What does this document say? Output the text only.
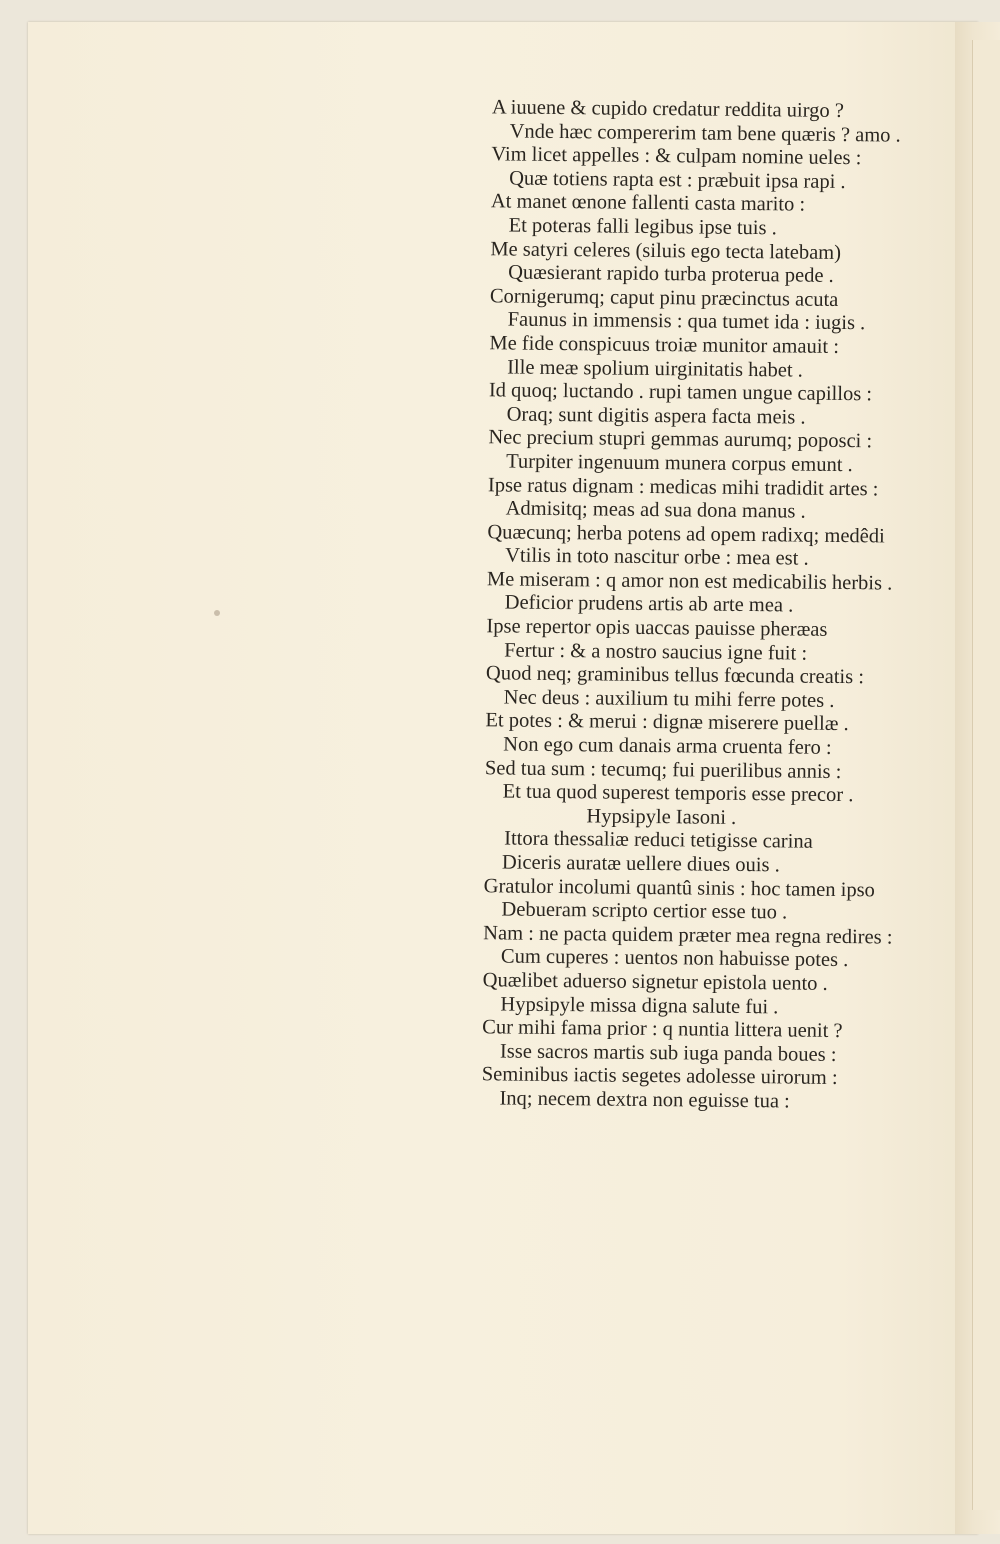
A iuuene & cupido credatur reddita uirgo ?

Vnde hæc compererim tam bene quæris ? amo .

Vim licet appelles : & culpam nomine ueles :

Quæ totiens rapta est : præbuit ipsa rapi .

At manet œnone fallenti casta marito :

Et poteras falli legibus ipse tuis .

Me satyri celeres (siluis ego tecta latebam)

Quæsierant rapido turba proterua pede .

Cornigerumq; caput pinu præcinctus acuta

Faunus in immensis : qua tumet ida : iugis .

Me fide conspicuus troiæ munitor amauit :

Ille meæ spolium uirginitatis habet .

Id quoq; luctando . rupi tamen ungue capillos :

Oraq; sunt digitis aspera facta meis .

Nec precium stupri gemmas aurumq; poposci :

Turpiter ingenuum munera corpus emunt .

Ipse ratus dignam : medicas mihi tradidit artes :

Admisitq; meas ad sua dona manus .

Quæcunq; herba potens ad opem radixq; medêdi

Vtilis in toto nascitur orbe : mea est .

Me miseram : q amor non est medicabilis herbis .

Deficior prudens artis ab arte mea .

Ipse repertor opis uaccas pauisse pheræas

Fertur : & a nostro saucius igne fuit :

Quod neq; graminibus tellus fœcunda creatis :

Nec deus : auxilium tu mihi ferre potes .

Et potes : & merui : dignæ miserere puellæ .

Non ego cum danais arma cruenta fero :

Sed tua sum : tecumq; fui puerilibus annis :

Et tua quod superest temporis esse precor .

Hypsipyle Iasoni .

Ittora thessaliæ reduci tetigisse carina

Diceris auratæ uellere diues ouis .

Gratulor incolumi quantû sinis : hoc tamen ipso

Debueram scripto certior esse tuo .

Nam : ne pacta quidem præter mea regna redires :

Cum cuperes : uentos non habuisse potes .

Quælibet aduerso signetur epistola uento .

Hypsipyle missa digna salute fui .

Cur mihi fama prior : q nuntia littera uenit ?

Isse sacros martis sub iuga panda boues :

Seminibus iactis segetes adolesse uirorum :

Inq; necem dextra non eguisse tua :
